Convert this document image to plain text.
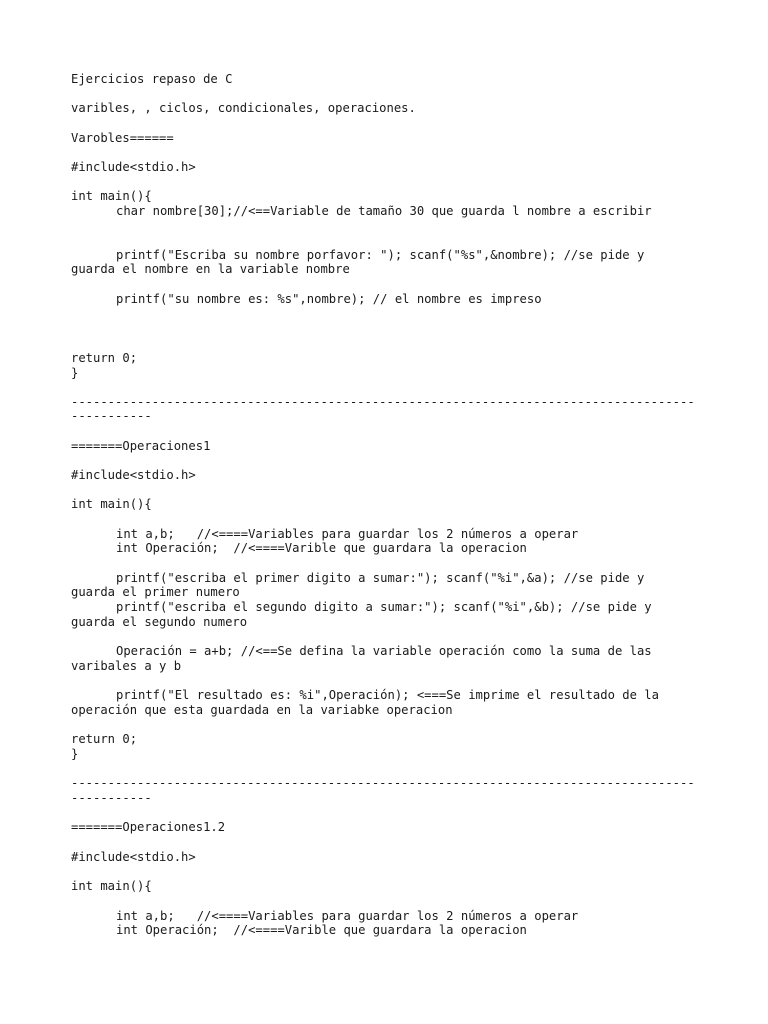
Ejercicios repaso de C

varibles, , ciclos, condicionales, operaciones.

Varobles======

#include<stdio.h>

int main(){

char nombre[30];//<==Variable de tamaño 30 que guarda l nombre a escribir

printf("Escriba su nombre porfavor: "); scanf("%s",&nombre); //se pide y

guarda el nombre en la variable nombre

printf("su nombre es: %s",nombre); // el nombre es impreso

return 0;

}

-------------------------------------------------------------------------------------

-----------

=======Operaciones1

#include<stdio.h>

int main(){

int a,b;   //<====Variables para guardar los 2 números a operar

int Operación;  //<====Varible que guardara la operacion

printf("escriba el primer digito a sumar:"); scanf("%i",&a); //se pide y

guarda el primer numero

printf("escriba el segundo digito a sumar:"); scanf("%i",&b); //se pide y

guarda el segundo numero

Operación = a+b; //<==Se defina la variable operación como la suma de las

varibales a y b

printf("El resultado es: %i",Operación); <===Se imprime el resultado de la

operación que esta guardada en la variabke operacion

return 0;

}

-------------------------------------------------------------------------------------

-----------

=======Operaciones1.2

#include<stdio.h>

int main(){

int a,b;   //<====Variables para guardar los 2 números a operar

int Operación;  //<====Varible que guardara la operacion
